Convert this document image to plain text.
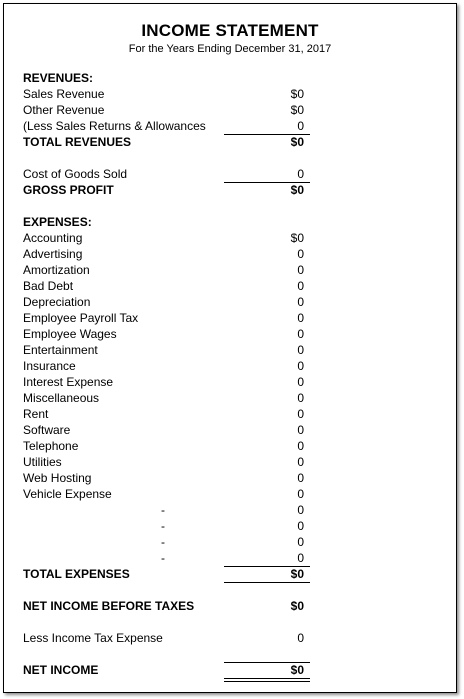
INCOME STATEMENT
For the Years Ending December 31, 2017
REVENUES:
Sales Revenue	$0
Other Revenue	$0
(Less Sales Returns & Allowances	0
TOTAL REVENUES	$0
Cost of Goods Sold	0
GROSS PROFIT	$0
EXPENSES:
Accounting	$0
Advertising	0
Amortization	0
Bad Debt	0
Depreciation	0
Employee Payroll Tax	0
Employee Wages	0
Entertainment	0
Insurance	0
Interest Expense	0
Miscellaneous	0
Rent	0
Software	0
Telephone	0
Utilities	0
Web Hosting	0
Vehicle Expense	0
-	0
-	0
-	0
-	0
TOTAL EXPENSES	$0
NET INCOME BEFORE TAXES	$0
Less Income Tax Expense	0
NET INCOME	$0
